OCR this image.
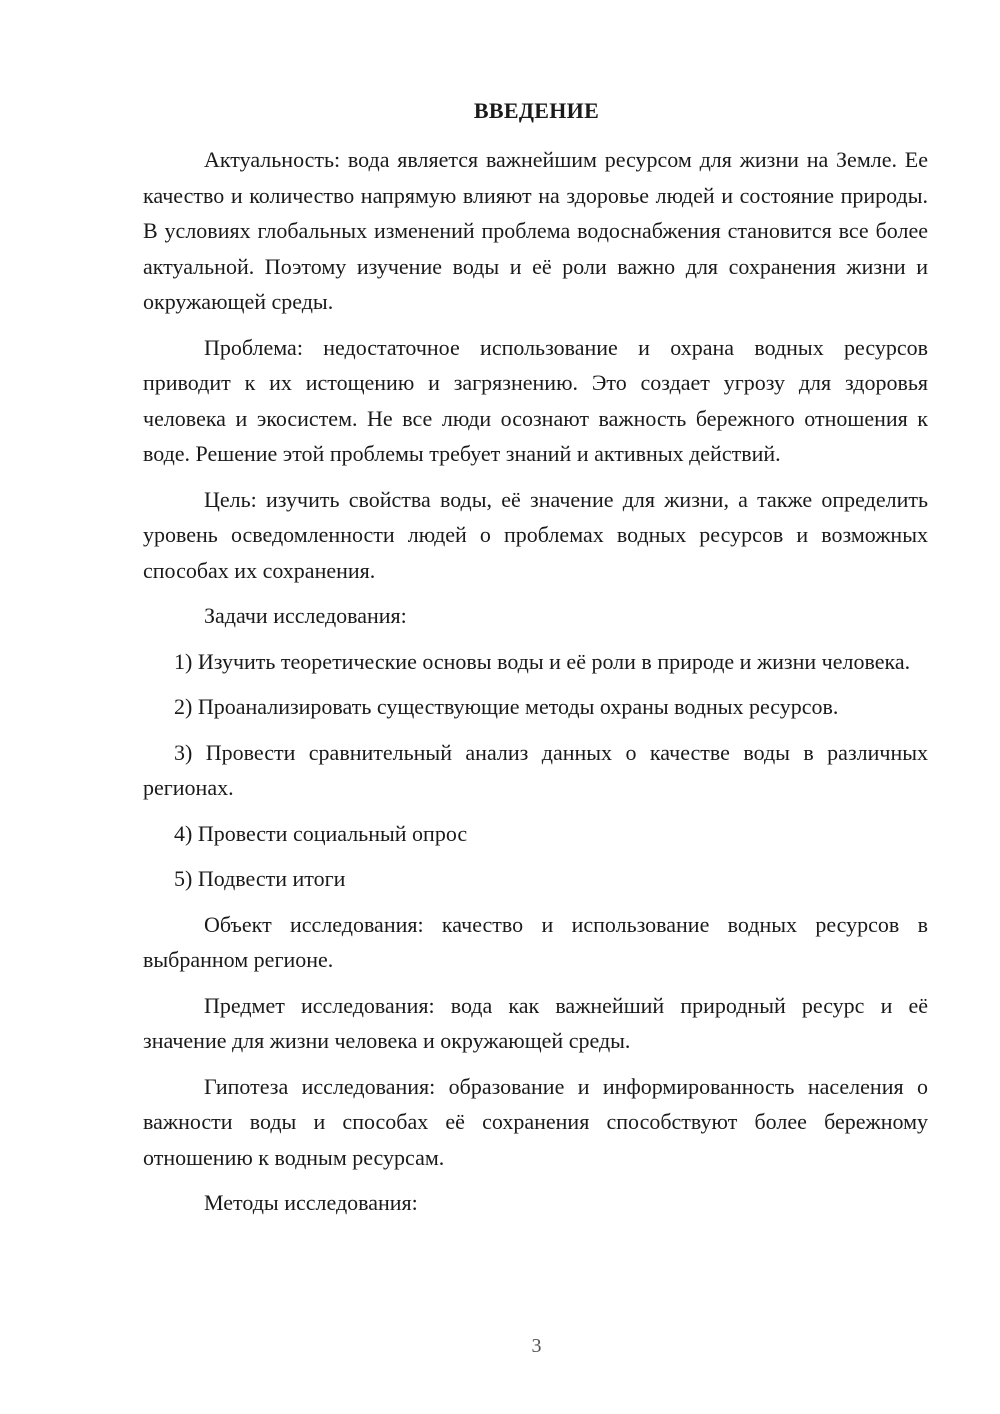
ВВЕДЕНИЕ

Актуальность: вода является важнейшим ресурсом для жизни на Земле. Ее качество и количество напрямую влияют на здоровье людей и состояние природы. В условиях глобальных изменений проблема водоснабжения становится все более актуальной. Поэтому изучение воды и её роли важно для сохранения жизни и окружающей среды.

Проблема: недостаточное использование и охрана водных ресурсов приводит к их истощению и загрязнению. Это создает угрозу для здоровья человека и экосистем. Не все люди осознают важность бережного отношения к воде. Решение этой проблемы требует знаний и активных действий.

Цель: изучить свойства воды, её значение для жизни, а также определить уровень осведомленности людей о проблемах водных ресурсов и возможных способах их сохранения.

Задачи исследования:

1) Изучить теоретические основы воды и её роли в природе и жизни человека.

2) Проанализировать существующие методы охраны водных ресурсов.

3) Провести сравнительный анализ данных о качестве воды в различных регионах.

4) Провести социальный опрос

5) Подвести итоги

Объект исследования: качество и использование водных ресурсов в выбранном регионе.

Предмет исследования: вода как важнейший природный ресурс и её значение для жизни человека и окружающей среды.

Гипотеза исследования: образование и информированность населения о важности воды и способах её сохранения способствуют более бережному отношению к водным ресурсам.

Методы исследования:

3
